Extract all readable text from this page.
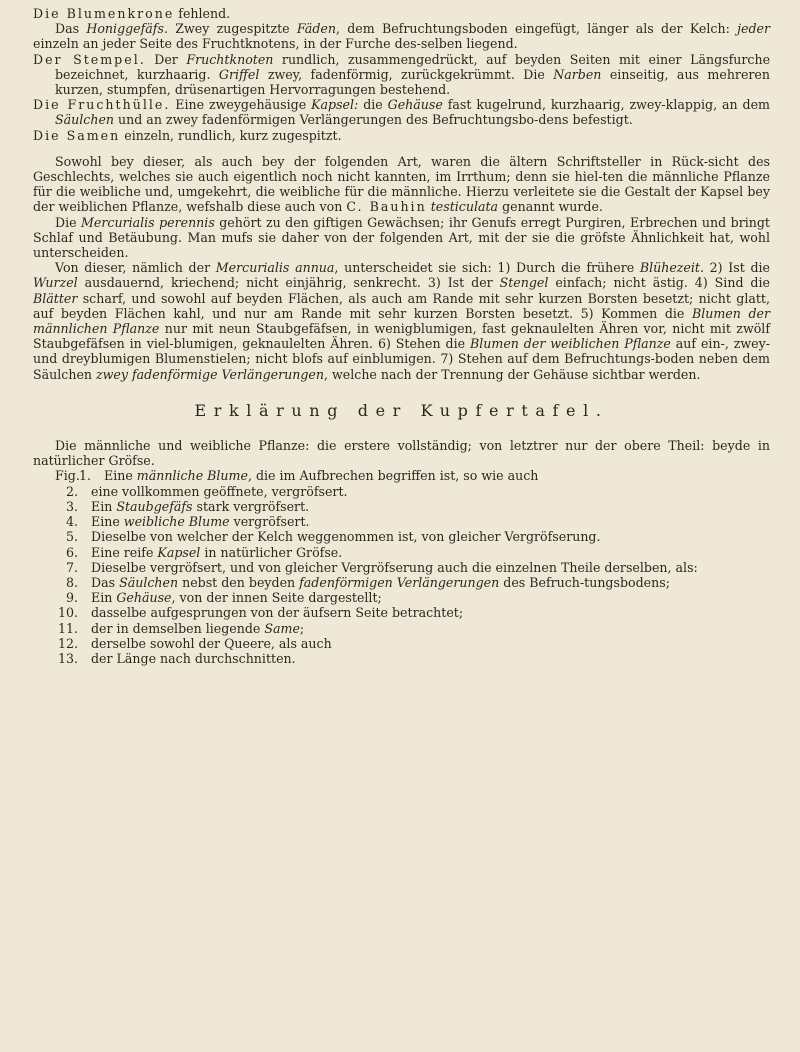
Die Blumenkrone fehlend.

Das Honiggefäfs. Zwey zugespitzte Fäden, dem Befruchtungsboden eingefügt, länger als der Kelch: jeder einzeln an jeder Seite des Fruchtknotens, in der Furche des-selben liegend.

Der Stempel. Der Fruchtknoten rundlich, zusammengedrückt, auf beyden Seiten mit einer Längsfurche bezeichnet, kurzhaarig. Griffel zwey, fadenförmig, zurückgekrümmt. Die Narben einseitig, aus mehreren kurzen, stumpfen, drüsenartigen Hervorragungen bestehend.

Die Fruchthülle. Eine zweygehäusige Kapsel: die Gehäuse fast kugelrund, kurzhaarig, zwey-klappig, an dem Säulchen und an zwey fadenförmigen Verlängerungen des Befruchtungsbo-dens befestigt.

Die Samen einzeln, rundlich, kurz zugespitzt.

Sowohl bey dieser, als auch bey der folgenden Art, waren die ältern Schriftsteller in Rück-sicht des Geschlechts, welches sie auch eigentlich noch nicht kannten, im Irrthum; denn sie hiel-ten die männliche Pflanze für die weibliche und, umgekehrt, die weibliche für die männliche. Hierzu verleitete sie die Gestalt der Kapsel bey der weiblichen Pflanze, wefshalb diese auch von C. Bauhin testiculata genannt wurde.

Die Mercurialis perennis gehört zu den giftigen Gewächsen; ihr Genufs erregt Purgiren, Erbrechen und bringt Schlaf und Betäubung. Man mufs sie daher von der folgenden Art, mit der sie die gröfste Ähnlichkeit hat, wohl unterscheiden.

Von dieser, nämlich der Mercurialis annua, unterscheidet sie sich: 1) Durch die frühere Blühezeit. 2) Ist die Wurzel ausdauernd, kriechend; nicht einjährig, senkrecht. 3) Ist der Stengel einfach; nicht ästig. 4) Sind die Blätter scharf, und sowohl auf beyden Flächen, als auch am Rande mit sehr kurzen Borsten besetzt; nicht glatt, auf beyden Flächen kahl, und nur am Rande mit sehr kurzen Borsten besetzt. 5) Kommen die Blumen der männlichen Pflanze nur mit neun Staubgefäfsen, in wenigblumigen, fast geknaulelten Ähren vor, nicht mit zwölf Staubgefäfsen in viel-blumigen, geknaulelten Ähren. 6) Stehen die Blumen der weiblichen Pflanze auf ein-, zwey- und dreyblumigen Blumenstielen; nicht blofs auf einblumigen. 7) Stehen auf dem Befruchtungs-boden neben dem Säulchen zwey fadenförmige Verlängerungen, welche nach der Trennung der Gehäuse sichtbar werden.

Erklärung der Kupfertafel.

Die männliche und weibliche Pflanze: die erstere vollständig; von letztrer nur der obere Theil: beyde in natürlicher Gröfse.

Fig. 1. Eine männliche Blume, die im Aufbrechen begriffen ist, so wie auch
2. eine vollkommen geöffnete, vergröfsert.
3. Ein Staubgefäfs stark vergröfsert.
4. Eine weibliche Blume vergröfsert.
5. Dieselbe von welcher der Kelch weggenommen ist, von gleicher Vergröfserung.
6. Eine reife Kapsel in natürlicher Gröfse.
7. Dieselbe vergröfsert, und von gleicher Vergröfserung auch die einzelnen Theile derselben, als:
8. Das Säulchen nebst den beyden fadenförmigen Verlängerungen des Befruch-tungsbodens;
9. Ein Gehäuse, von der innen Seite dargestellt;
10. dasselbe aufgesprungen von der äufsern Seite betrachtet;
11. der in demselben liegende Same;
12. derselbe sowohl der Queere, als auch
13. der Länge nach durchschnitten.
